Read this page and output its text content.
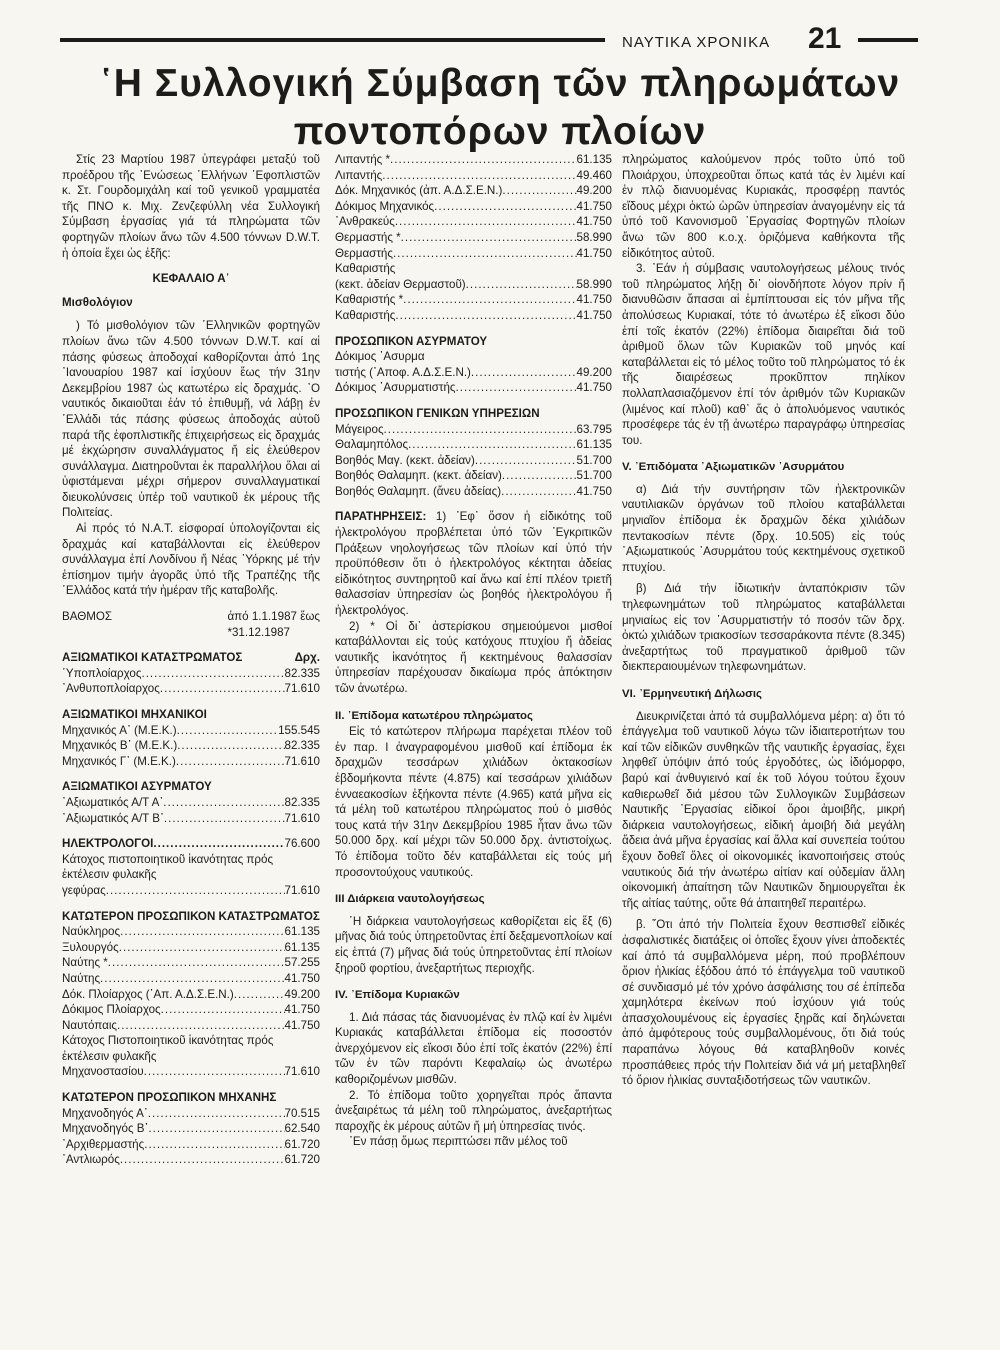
ΝΑΥΤΙΚΑ ΧΡΟΝΙΚΑ 21
῾Η Συλλογική Σύμβαση τῶν πληρωμάτων
ποντοπόρων πλοίων

Στίς 23 Μαρτίου 1987 ὑπεγράφει μεταξύ τοῦ προέδρου τῆς ᾽Ενώσεως ῾Ελλήνων ᾽Εφοπλιστῶν κ. Στ. Γουρδομιχάλη καί τοῦ γενικοῦ γραμματέα τῆς ΠΝΟ κ. Μιχ. Ζενζεφύλλη νέα Συλλογική Σύμβαση ἐργασίας γιά τά πληρώματα τῶν φορτηγῶν πλοίων ἄνω τῶν 4.500 τόννων D.W.T. ἡ ὁποία ἔχει ὡς ἑξῆς:

ΚΕΦΑΛΑΙΟ Α᾽
Μισθολόγιον

) Τό μισθολόγιον τῶν ῾Ελληνικῶν φορτηγῶν πλοίων ἄνω τῶν 4.500 τόννων D.W.T. καί αἱ πάσης φύσεως ἀποδοχαί καθορίζονται ἀπό 1ης ᾽Ιανουαρίου 1987 καί ἰσχύουν ἕως τήν 31ην Δεκεμβρίου 1987 ὡς κατωτέρω εἰς δραχμάς. ᾽Ο ναυτικός δικαιοῦται ἐάν τό ἐπιθυμῇ, νά λάβῃ ἐν ῾Ελλάδι τάς πάσης φύσεως ἀποδοχάς αὐτοῦ παρά τῆς ἐφοπλιστικῆς ἐπιχειρήσεως εἰς δραχμάς μέ ἐκχώρησιν συναλλάγματος ἤ εἰς ἐλεύθερον συνάλλαγμα. Διατηροῦνται ἐκ παραλλήλου ὅλαι αἱ ὑφιστάμεναι μέχρι σήμερον συναλλαγματικαί διευκολύνσεις ὑπέρ τοῦ ναυτικοῦ ἐκ μέρους τῆς Πολιτείας.

Αἱ πρός τό Ν.Α.Τ. εἰσφοραί ὑπολογίζονται εἰς δραχμάς καί καταβάλλονται εἰς ἐλεύθερον συνάλλαγμα ἐπί Λονδίνου ἤ Νέας ῾Υόρκης μέ τήν ἐπίσημον τιμήν ἀγορᾶς ὑπό τῆς Τραπέζης τῆς ῾Ελλάδος κατά τήν ἡμέραν τῆς καταβολῆς.

ΒΑΘΜΟΣ	ἀπό 1.1.1987 ἕως
*31.12.1987
ΑΞΙΩΜΑΤΙΚΟΙ ΚΑΤΑΣΤΡΩΜΑΤΟΣ	Δρχ.
῾Υποπλοίαρχος .....	82.335
᾽Ανθυποπλοίαρχος .....	71.610
ΑΞΙΩΜΑΤΙΚΟΙ ΜΗΧΑΝΙΚΟΙ
Μηχανικός Α᾽ (Μ.Ε.Κ.) .....	155.545
Μηχανικός Β᾽ (Μ.Ε.Κ.) .....	82.335
Μηχανικός Γ᾽ (Μ.Ε.Κ.) .....	71.610
ΑΞΙΩΜΑΤΙΚΟΙ ΑΣΥΡΜΑΤΟΥ
᾽Αξιωματικός Α/Τ Α᾽ .....	82.335
᾽Αξιωματικός Α/Τ Β᾽ .....	71.610
ΗΛΕΚΤΡΟΛΟΓΟΙ .....	76.600
Κάτοχος πιστοποιητικοῦ ἱκανότητας πρός ἐκτέλεσιν φυλακῆς
γεφύρας .....	71.610
ΚΑΤΩΤΕΡΟΝ ΠΡΟΣΩΠΙΚΟΝ ΚΑΤΑΣΤΡΩΜΑΤΟΣ
Ναύκληρος .....	61.135
Ξυλουργός .....	61.135
Ναύτης * .....	57.255
Ναύτης .....	41.750
Δόκ. Πλοίαρχος (᾽Απ. Α.Δ.Σ.Ε.Ν.) .....	49.200
Δόκιμος Πλοίαρχος .....	41.750
Ναυτόπαις .....	41.750
Κάτοχος Πιστοποιητικοῦ ἱκανότητας πρός ἐκτέλεσιν φυλακῆς
Μηχανοστασίου .....	71.610
ΚΑΤΩΤΕΡΟΝ ΠΡΟΣΩΠΙΚΟΝ ΜΗΧΑΝΗΣ
Μηχανοδηγός Α᾽ .....	70.515
Μηχανοδηγός Β᾽ .....	62.540
᾽Αρχιθερμαστής .....	61.720
᾽Αντλιωρός .....	61.720
Λιπαντής * .....	61.135
Λιπαντής .....	49.460
Δόκ. Μηχανικός (ἀπ. Α.Δ.Σ.Ε.Ν.) .....	49.200
Δόκιμος Μηχανικός .....	41.750
᾽Ανθρακεύς .....	41.750
Θερμαστής * .....	58.990
Θερμαστής .....	41.750
Καθαριστής
(κεκτ. ἀδείαν Θερμαστοῦ) .....	58.990
Καθαριστής * .....	41.750
Καθαριστής .....	41.750
ΠΡΟΣΩΠΙΚΟΝ ΑΣΥΡΜΑΤΟΥ
Δόκιμος ᾽Ασυρμα
τιστής (᾽Αποφ. Α.Δ.Σ.Ε.Ν.) .....	49.200
Δόκιμος ᾽Ασυρματιστής .....	41.750
ΠΡΟΣΩΠΙΚΟΝ ΓΕΝΙΚΩΝ ΥΠΗΡΕΣΙΩΝ
Μάγειρος .....	63.795
Θαλαμηπόλος .....	61.135
Βοηθός Μαγ. (κεκτ. ἀδείαν) .....	51.700
Βοηθός Θαλαμηπ. (κεκτ. ἀδείαν) .....	51.700
Βοηθός Θαλαμηπ. (ἄνευ ἀδείας) .....	41.750

ΠΑΡΑΤΗΡΗΣΕΙΣ: 1) ᾽Εφ᾽ ὅσον ἡ εἰδικότης τοῦ ἠλεκτρολόγου προβλέπεται ὑπό τῶν ᾽Εγκριτικῶν Πράξεων νηολογήσεως τῶν πλοίων καί ὑπό τήν προϋπόθεσιν ὅτι ὁ ἠλεκτρολόγος κέκτηται ἀδείας εἰδικότητος συντηρητοῦ καί ἄνω καί ἐπί πλέον τριετῆ θαλασσίαν ὑπηρεσίαν ὡς βοηθός ἠλεκτρολόγου ἤ ἠλεκτρολόγος.

2) * Οἱ δι᾽ ἀστερίσκου σημειούμενοι μισθοί καταβάλλονται εἰς τούς κατόχους πτυχίου ἤ ἀδείας ναυτικῆς ἱκανότητος ἤ κεκτημένους θαλασσίαν ὑπηρεσίαν παρέχουσαν δικαίωμα πρός ἀπόκτησιν τῶν ἀνωτέρω.

ΙΙ. ᾽Επίδομα κατωτέρου πληρώματος

Εἰς τό κατώτερον πλήρωμα παρέχεται πλέον τοῦ ἐν παρ. Ι ἀναγραφομένου μισθοῦ καί ἐπίδομα ἐκ δραχμῶν τεσσάρων χιλιάδων ὀκτακοσίων ἑβδομήκοντα πέντε (4.875) καί τεσσάρων χιλιάδων ἐνναεακοσίων ἑξήκοντα πέντε (4.965) κατά μῆνα εἰς τά μέλη τοῦ κατωτέρου πληρώματος πού ὁ μισθός τους κατά τήν 31ην Δεκεμβρίου 1985 ἦταν ἄνω τῶν 50.000 δρχ. καί μέχρι τῶν 50.000 δρχ. ἀντιστοίχως. Τό ἐπίδομα τοῦτο δέν καταβάλλεται εἰς τούς μή προσοντούχους ναυτικούς.

ΙΙΙ Διάρκεια ναυτολογήσεως

῾Η διάρκεια ναυτολογήσεως καθορίζεται εἰς ἕξ (6) μῆνας διά τούς ὑπηρετοῦντας ἐπί δεξαμενοπλοίων καί εἰς ἑπτά (7) μῆνας διά τούς ὑπηρετοῦντας ἐπί πλοίων ξηροῦ φορτίου, ἀνεξαρτήτως περιοχῆς.

IV. ᾽Επίδομα Κυριακῶν

1. Διά πάσας τάς διανυομένας ἐν πλῷ καί ἐν λιμένι Κυριακάς καταβάλλεται ἐπίδομα εἰς ποσοστόν ἀνερχόμενον εἰς εἴκοσι δύο ἐπί τοῖς ἑκατόν (22%) ἐπί τῶν ἐν τῶν παρόντι Κεφαλαίῳ ὡς ἀνωτέρω καθοριζομένων μισθῶν.

2. Τό ἐπίδομα τοῦτο χορηγεῖται πρός ἅπαντα ἀνεξαιρέτως τά μέλη τοῦ πληρώματος, ἀνεξαρτήτως παροχῆς ἐκ μέρους αὐτῶν ἤ μή ὑπηρεσίας τινός.

᾽Εν πάσῃ ὅμως περιπτώσει πᾶν μέλος τοῦ

πληρώματος καλούμενον πρός τοῦτο ὑπό τοῦ Πλοιάρχου, ὑποχρεοῦται ὅπως κατά τάς ἐν λιμένι καί ἐν πλῷ διανυομένας Κυριακάς, προσφέρῃ παντός εἴδους μέχρι ὀκτώ ὡρῶν ὑπηρεσίαν ἀναγομένην εἰς τά ὑπό τοῦ Κανονισμοῦ ᾽Εργασίας Φορτηγῶν πλοίων ἄνω τῶν 800 κ.ο.χ. ὁριζόμενα καθήκοντα τῆς εἰδικότητος αὐτοῦ.

3. ᾽Εάν ἡ σύμβασις ναυτολογήσεως μέλους τινός τοῦ πληρώματος λήξῃ δι᾽ οἱονδήποτε λόγον πρίν ἤ διανυθῶσιν ἅπασαι αἱ ἐμπίπτουσαι εἰς τόν μῆνα τῆς ἀπολύσεως Κυριακαί, τότε τό ἀνωτέρω ἐξ εἴκοσι δύο ἐπί τοῖς ἑκατόν (22%) ἐπίδομα διαιρεῖται διά τοῦ ἀριθμοῦ ὅλων τῶν Κυριακῶν τοῦ μηνός καί καταβάλλεται εἰς τό μέλος τοῦτο τοῦ πληρώματος τό ἐκ τῆς διαιρέσεως προκῦπτον πηλίκον πολλαπλασιαζόμενον ἐπί τόν ἀριθμόν τῶν Κυριακῶν (λιμένος καί πλοῦ) καθ᾽ ἅς ὁ ἀπολυόμενος ναυτικός προσέφερε τάς ἐν τῇ ἀνωτέρω παραγράφῳ ὑπηρεσίας του.

V. ᾽Επιδόματα ᾽Αξιωματικῶν ᾽Ασυρμάτου

α) Διά τήν συντήρησιν τῶν ἠλεκτρονικῶν ναυτιλιακῶν ὀργάνων τοῦ πλοίου καταβάλλεται μηνιαῖον ἐπίδομα ἐκ δραχμῶν δέκα χιλιάδων πεντακοσίων πέντε (δρχ. 10.505) εἰς τούς ᾽Αξιωματικούς ᾽Ασυρμάτου τούς κεκτημένους σχετικοῦ πτυχίου.

β) Διά τήν ἰδιωτικήν ἀνταπόκρισιν τῶν τηλεφωνημάτων τοῦ πληρώματος καταβάλλεται μηνιαίως εἰς τον ᾽Ασυρματιστήν τό ποσόν τῶν δρχ. ὀκτώ χιλιάδων τριακοσίων τεσσαράκοντα πέντε (8.345) ἀνεξαρτήτως τοῦ πραγματικοῦ ἀριθμοῦ τῶν διεκπεραιουμένων τηλεφωνημάτων.

VI. ᾽Ερμηνευτική Δήλωσις

Διευκρινίζεται ἀπό τά συμβαλλόμενα μέρη: α) ὅτι τό ἐπάγγελμα τοῦ ναυτικοῦ λόγω τῶν ἰδιαιτεροτήτων του καί τῶν εἰδικῶν συνθηκῶν τῆς ναυτικῆς ἐργασίας, ἔχει ληφθεῖ ὑπόψιν ἀπό τούς ἐργοδότες, ὡς ἰδιόμορφο, βαρύ καί ἀνθυγιεινό καί ἐκ τοῦ λόγου τούτου ἔχουν καθιερωθεῖ διά μέσου τῶν Συλλογικῶν Συμβάσεων Ναυτικῆς ᾽Εργασίας εἰδικοί ὅροι ἀμοιβῆς, μικρή διάρκεια ναυτολογήσεως, εἰδική ἀμοιβή διά μεγάλη ἄδεια ἀνά μῆνα ἐργασίας καί ἄλλα καί συνεπεία τούτου ἔχουν δοθεῖ ὅλες οἱ οἰκονομικές ἱκανοποιήσεις στούς ναυτικούς διά τήν ἀνωτέρω αἰτίαν καί οὐδεμίαν ἄλλη οἰκονομική ἀπαίτηση τῶν Ναυτικῶν δημιουργεῖται ἐκ τῆς αἰτίας ταύτης, οὔτε θά ἀπαιτηθεῖ περαιτέρω.

β. ῞Οτι ἀπό τήν Πολιτεία ἔχουν θεσπισθεῖ εἰδικές ἀσφαλιστικές διατάξεις οἱ ὁποῖες ἔχουν γίνει ἀποδεκτές καί ἀπό τά συμβαλλόμενα μέρη, πού προβλέπουν ὅριον ἡλικίας ἐξόδου ἀπό τό ἐπάγγελμα τοῦ ναυτικοῦ σέ συνδιασμό μέ τόν χρόνο ἀσφάλισης του σέ ἐπίπεδα χαμηλότερα ἐκείνων πού ἰσχύουν γιά τούς ἀπασχολουμένους εἰς ἐργασίες ξηρᾶς καί δηλώνεται ἀπό ἀμφότερους τούς συμβαλλομένους, ὅτι διά τούς παραπάνω λόγους θά καταβληθοῦν κοινές προσπάθειες πρός τήν Πολιτείαν διά νά μή μεταβληθεῖ τό ὅριον ἡλικίας συνταξιδοτήσεως τῶν ναυτικῶν.
